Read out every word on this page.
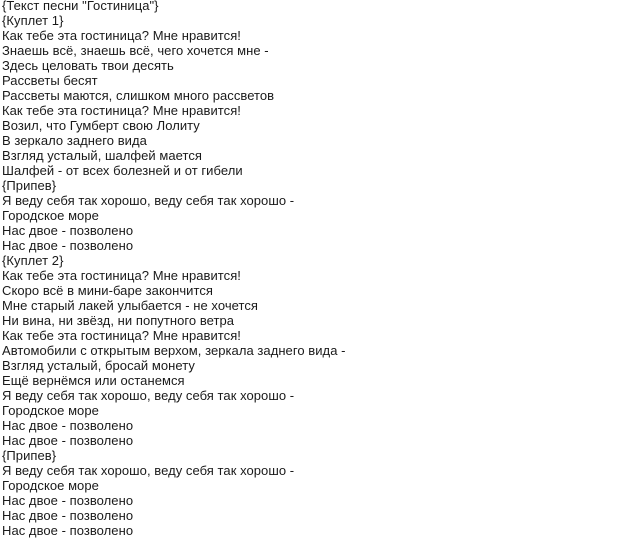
{Текст песни "Гостиница"}
{Куплет 1}
Как тебе эта гостиница? Мне нравится!
Знаешь всё, знаешь всё, чего хочется мне -
Здесь целовать твои десять
Рассветы бесят
Рассветы маются, слишком много рассветов
Как тебе эта гостиница? Мне нравится!
Возил, что Гумберт свою Лолиту
В зеркало заднего вида
Взгляд усталый, шалфей мается
Шалфей - от всех болезней и от гибели
{Припев}
Я веду себя так хорошо, веду себя так хорошо -
Городское море
Нас двое - позволено
Нас двое - позволено
{Куплет 2}
Как тебе эта гостиница? Мне нравится!
Скоро всё в мини-баре закончится
Мне старый лакей улыбается - не хочется
Ни вина, ни звёзд, ни попутного ветра
Как тебе эта гостиница? Мне нравится!
Автомобили с открытым верхом, зеркала заднего вида -
Взгляд усталый, бросай монету
Ещё вернёмся или останемся
Я веду себя так хорошо, веду себя так хорошо -
Городское море
Нас двое - позволено
Нас двое - позволено
{Припев}
Я веду себя так хорошо, веду себя так хорошо -
Городское море
Нас двое - позволено
Нас двое - позволено
Нас двое - позволено
